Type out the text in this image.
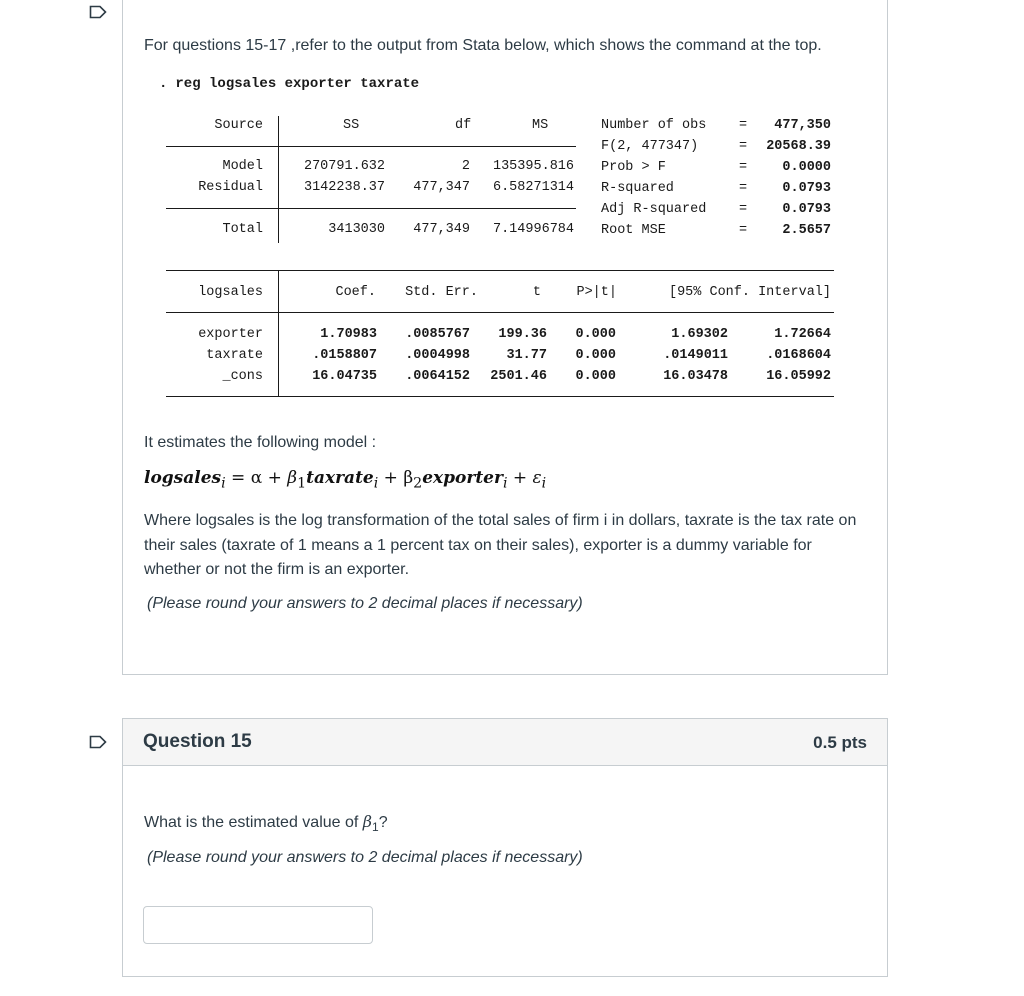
For questions 15-17 ,refer to the output from Stata below, which shows the command at the top.
. reg logsales exporter taxrate
Source	SS	df	MS
Model	270791.632	2 135395.816
Residual	3142238.37 477,347 6.58271314
Total	3413030 477,349 7.14996784
Number of obs = 477,350
F(2, 477347)	= 20568.39
Prob > F	=	0.0000
R-squared	=	0.0793
Adj R-squared =	0.0793
Root MSE	=	2.5657
logsales	Coef. Std. Err.	t	P>|t|	[95% Conf. Interval]
exporter	1.70983 .0085767 199.36 0.000	1.69302	1.72664
taxrate	.0158807 .0004998	31.77 0.000	.0149011	.0168604
_cons	16.04735 .0064152 2501.46 0.000	16.03478	16.05992
It estimates the following model :
logsales$_i$ = $\alpha + \beta_1taxrate_i$ + $\beta_2exporter_i + \varepsilon_i$
Where logsales is the log transformation of the total sales of firm i in dollars, taxrate is the tax rate on their sales (taxrate of 1 means a 1 percent tax on their sales), exporter is a dummy variable for whether or not the firm is an exporter.
(Please round your answers to 2 decimal places if necessary)
Question 15	0.5 pts
What is the estimated value of $\beta_1$?
(Please round your answers to 2 decimal places if necessary)
